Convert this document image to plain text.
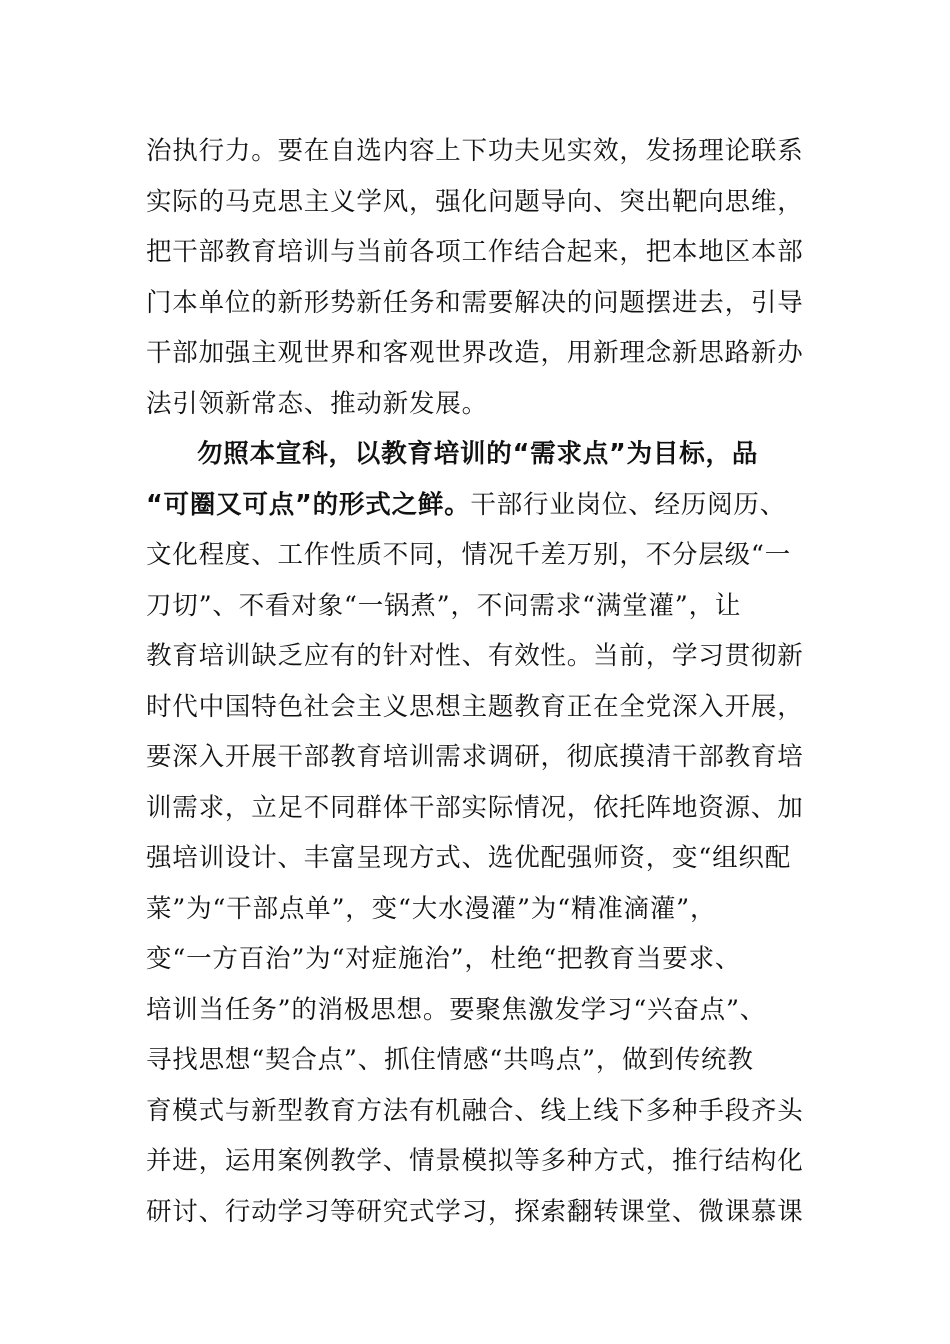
治执行力。要在自选内容上下功夫见实效，发扬理论联系
实际的马克思主义学风，强化问题导向、突出靶向思维，
把干部教育培训与当前各项工作结合起来，把本地区本部
门本单位的新形势新任务和需要解决的问题摆进去，引导
干部加强主观世界和客观世界改造，用新理念新思路新办
法引领新常态、推动新发展。
勿照本宣科，以教育培训的“需求点”为目标，品
“可圈又可点”的形式之鲜。干部行业岗位、经历阅历、
文化程度、工作性质不同，情况千差万别，不分层级“一
刀切”、不看对象“一锅煮”，不问需求“满堂灌”，让
教育培训缺乏应有的针对性、有效性。当前，学习贯彻新
时代中国特色社会主义思想主题教育正在全党深入开展，
要深入开展干部教育培训需求调研，彻底摸清干部教育培
训需求，立足不同群体干部实际情况，依托阵地资源、加
强培训设计、丰富呈现方式、选优配强师资，变“组织配
菜”为“干部点单”，变“大水漫灌”为“精准滴灌”，
变“一方百治”为“对症施治”，杜绝“把教育当要求、
培训当任务”的消极思想。要聚焦激发学习“兴奋点”、
寻找思想“契合点”、抓住情感“共鸣点”，做到传统教
育模式与新型教育方法有机融合、线上线下多种手段齐头
并进，运用案例教学、情景模拟等多种方式，推行结构化
研讨、行动学习等研究式学习，探索翻转课堂、微课慕课
